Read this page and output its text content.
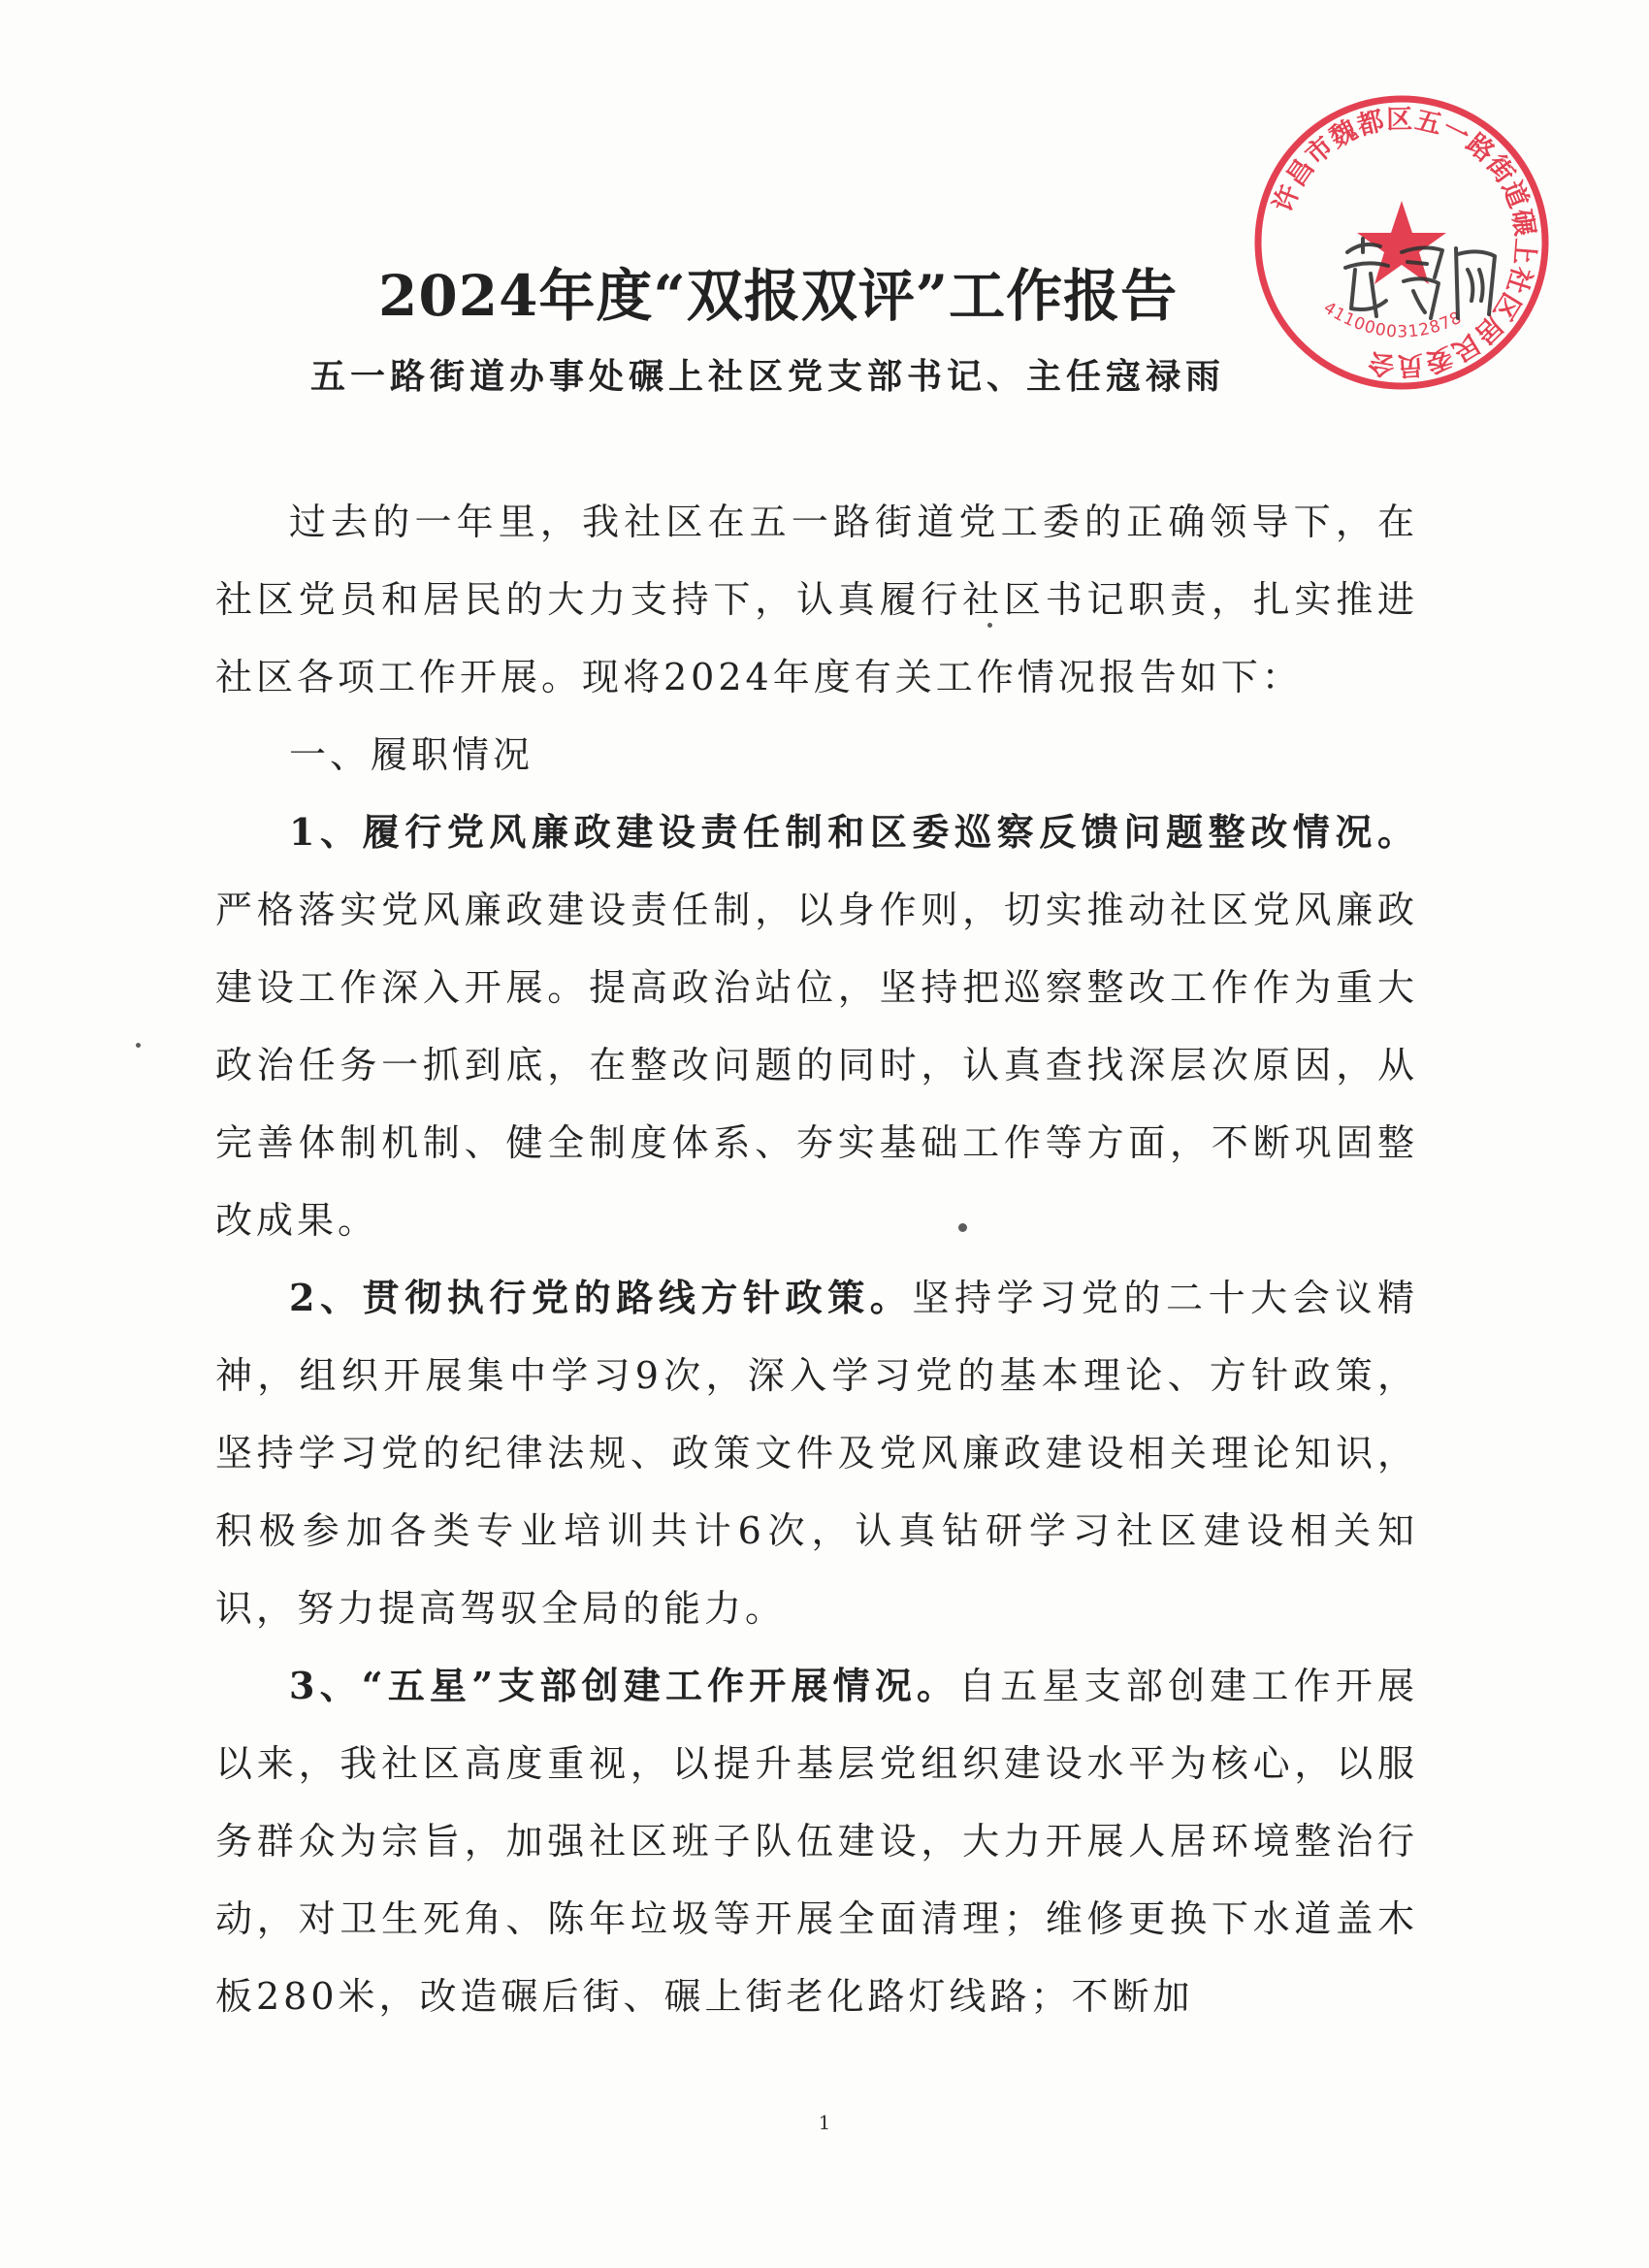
2024年度“双报双评”工作报告
五一路街道办事处碾上社区党支部书记、主任寇禄雨

过去的一年里，我社区在五一路街道党工委的正确领导下，在社区党员和居民的大力支持下，认真履行社区书记职责，扎实推进社区各项工作开展。现将2024年度有关工作情况报告如下：

一、履职情况

1、履行党风廉政建设责任制和区委巡察反馈问题整改情况。严格落实党风廉政建设责任制，以身作则，切实推动社区党风廉政建设工作深入开展。提高政治站位，坚持把巡察整改工作作为重大政治任务一抓到底，在整改问题的同时，认真查找深层次原因，从完善体制机制、健全制度体系、夯实基础工作等方面，不断巩固整改成果。

2、贯彻执行党的路线方针政策。坚持学习党的二十大会议精神，组织开展集中学习9次，深入学习党的基本理论、方针政策，坚持学习党的纪律法规、政策文件及党风廉政建设相关理论知识，积极参加各类专业培训共计6次，认真钻研学习社区建设相关知识，努力提高驾驭全局的能力。

3、“五星”支部创建工作开展情况。自五星支部创建工作开展以来，我社区高度重视，以提升基层党组织建设水平为核心，以服务群众为宗旨，加强社区班子队伍建设，大力开展人居环境整治行动，对卫生死角、陈年垃圾等开展全面清理；维修更换下水道盖木板280米，改造碾后街、碾上街老化路灯线路；不断加

许昌市魏都区五一路街道碾上社区居民委员会
4110000312878
1
